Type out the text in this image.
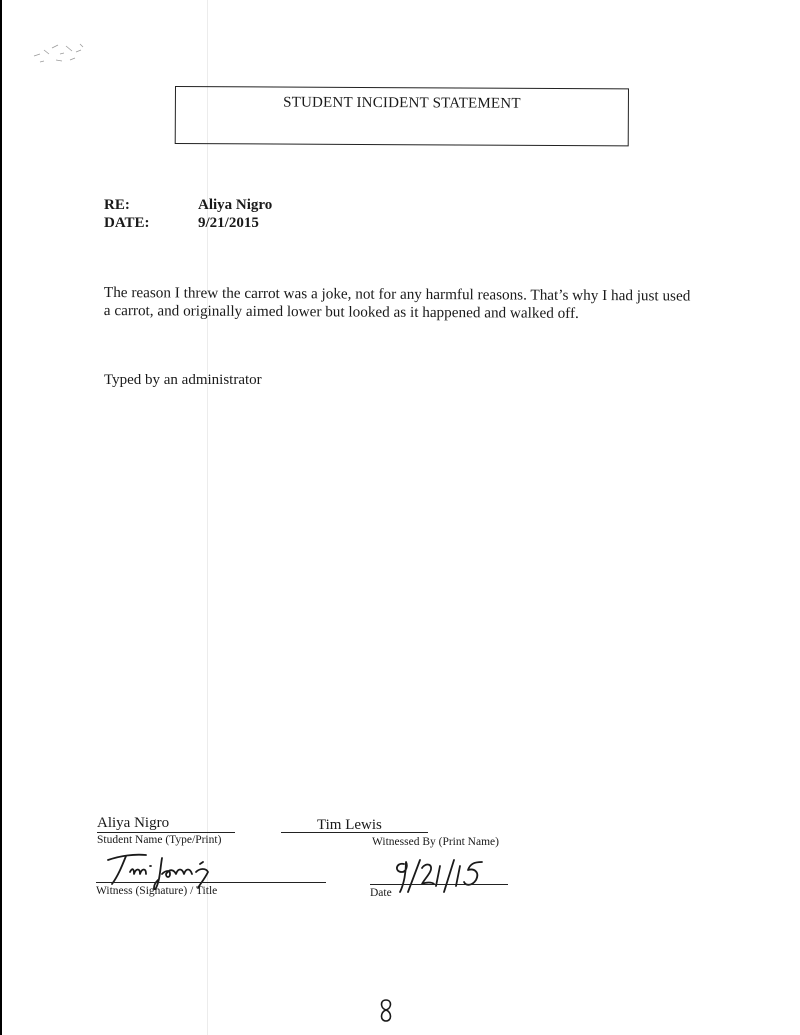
STUDENT INCIDENT STATEMENT
RE:	Aliya Nigro
DATE:	9/21/2015

The reason I threw the carrot was a joke, not for any harmful reasons. That’s why I had just used

a carrot, and originally aimed lower but looked as it happened and walked off.

Typed by an administrator
Aliya Nigro
Student Name (Type/Print)
Tim Lewis
Witnessed By (Print Name)
Witness (Signature) / Title	Date
